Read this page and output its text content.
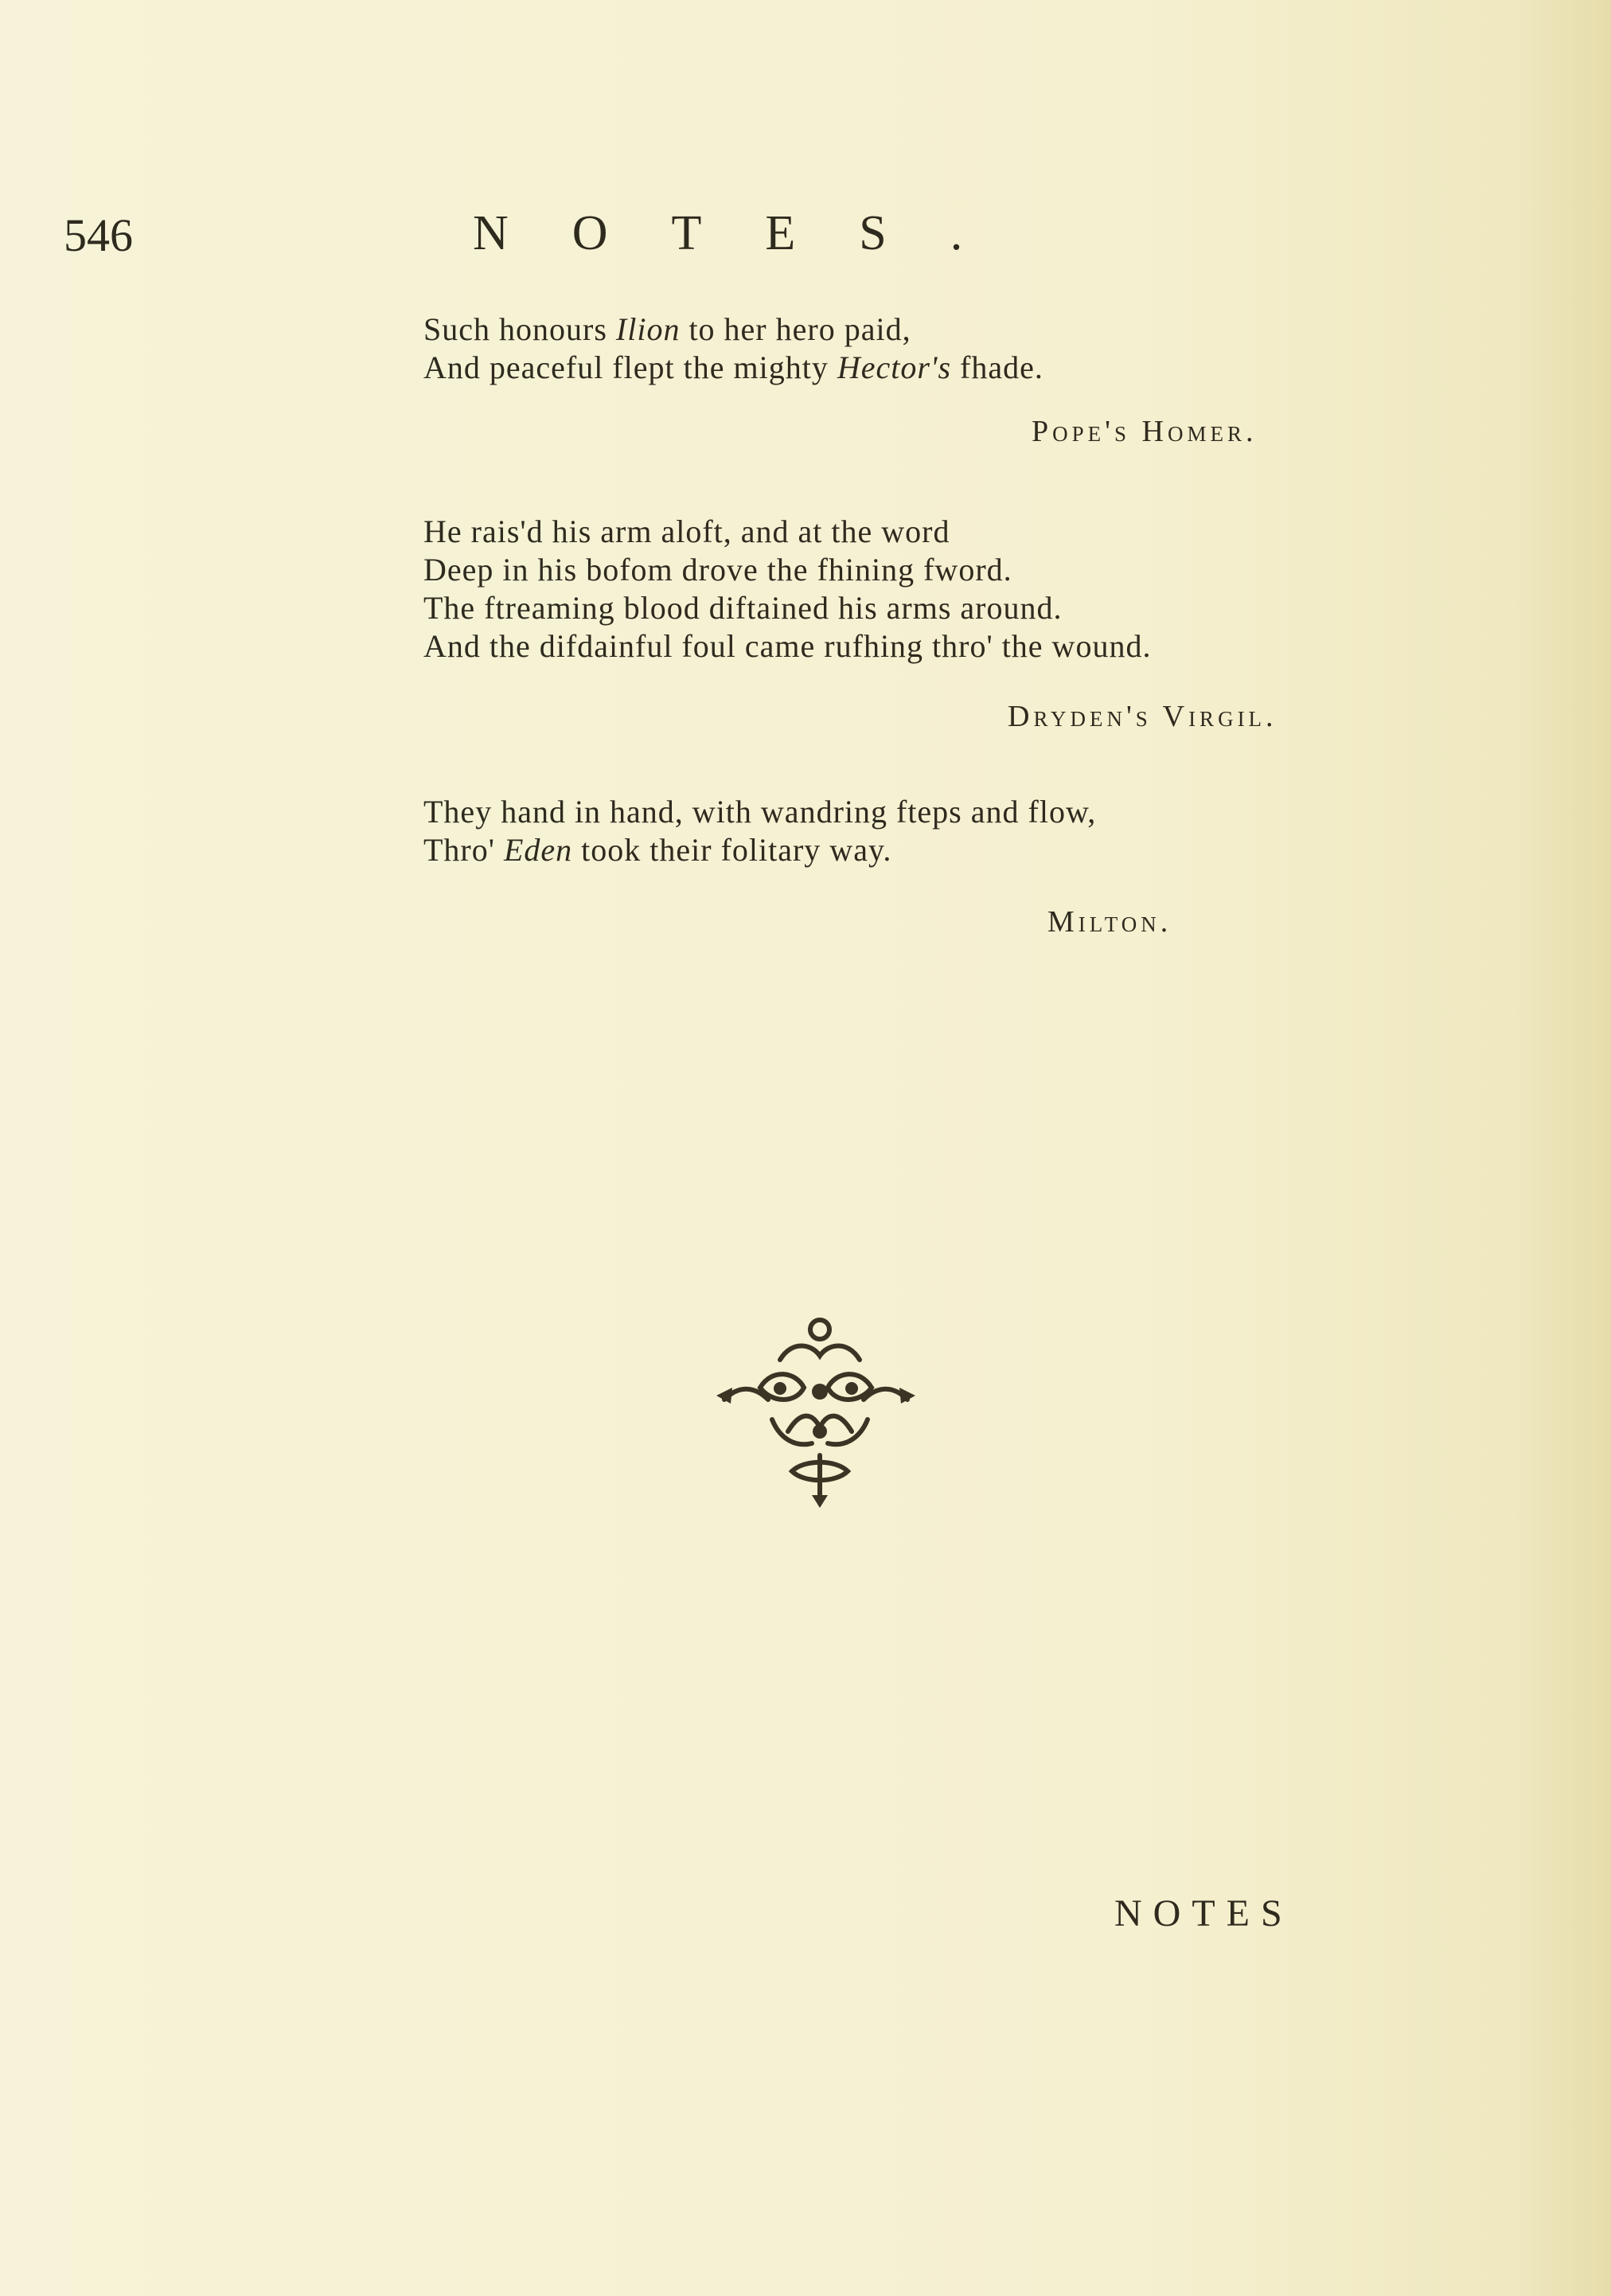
546	NOTES.
Such honours Ilion to her hero paid,
And peaceful flept the mighty Hector's fhade.
Pope's Homer.
He rais'd his arm aloft, and at the word
Deep in his bofom drove the fhining fword.
The ftreaming blood diftained his arms around.
And the difdainful foul came rufhing thro' the wound.
Dryden's Virgil.
They hand in hand, with wandring fteps and flow,
Thro' Eden took their folitary way.
Milton.
NOTES
